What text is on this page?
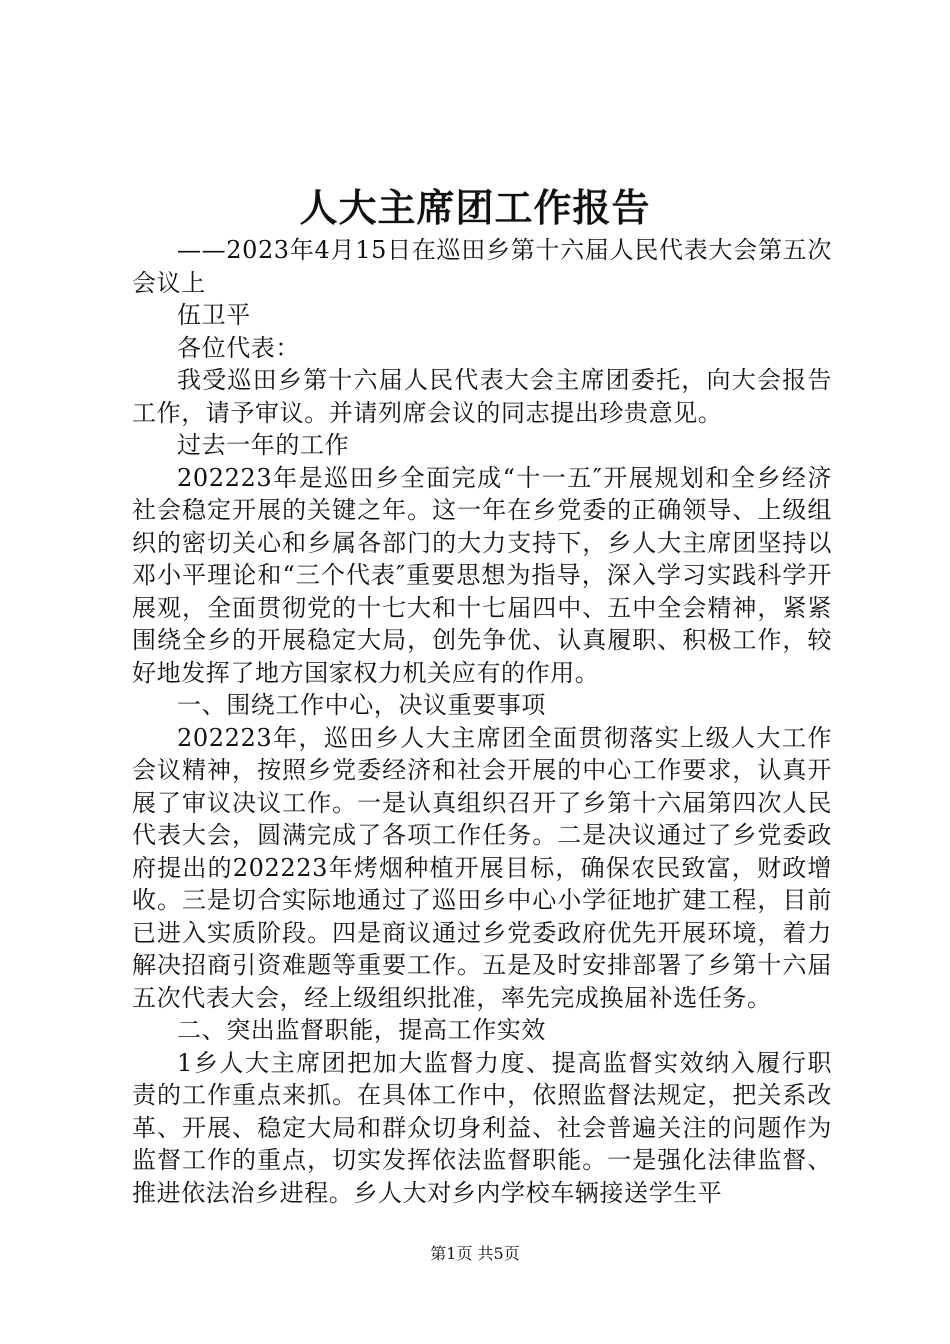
人大主席团工作报告

——2023年4月15日在巡田乡第十六届人民代表大会第五次会议上

伍卫平

各位代表：

我受巡田乡第十六届人民代表大会主席团委托，向大会报告工作，请予审议。并请列席会议的同志提出珍贵意见。

过去一年的工作

202223年是巡田乡全面完成“十一五″开展规划和全乡经济社会稳定开展的关键之年。这一年在乡党委的正确领导、上级组织的密切关心和乡属各部门的大力支持下，乡人大主席团坚持以邓小平理论和“三个代表″重要思想为指导，深入学习实践科学开展观，全面贯彻党的十七大和十七届四中、五中全会精神，紧紧围绕全乡的开展稳定大局，创先争优、认真履职、积极工作，较好地发挥了地方国家权力机关应有的作用。

一、围绕工作中心，决议重要事项

202223年，巡田乡人大主席团全面贯彻落实上级人大工作会议精神，按照乡党委经济和社会开展的中心工作要求，认真开展了审议决议工作。一是认真组织召开了乡第十六届第四次人民代表大会，圆满完成了各项工作任务。二是决议通过了乡党委政府提出的202223年烤烟种植开展目标，确保农民致富，财政增收。三是切合实际地通过了巡田乡中心小学征地扩建工程，目前已进入实质阶段。四是商议通过乡党委政府优先开展环境，着力解决招商引资难题等重要工作。五是及时安排部署了乡第十六届五次代表大会，经上级组织批准，率先完成换届补选任务。

二、突出监督职能，提高工作实效

1乡人大主席团把加大监督力度、提高监督实效纳入履行职责的工作重点来抓。在具体工作中，依照监督法规定，把关系改革、开展、稳定大局和群众切身利益、社会普遍关注的问题作为监督工作的重点，切实发挥依法监督职能。一是强化法律监督、推进依法治乡进程。乡人大对乡内学校车辆接送学生平

第1页 共5页
